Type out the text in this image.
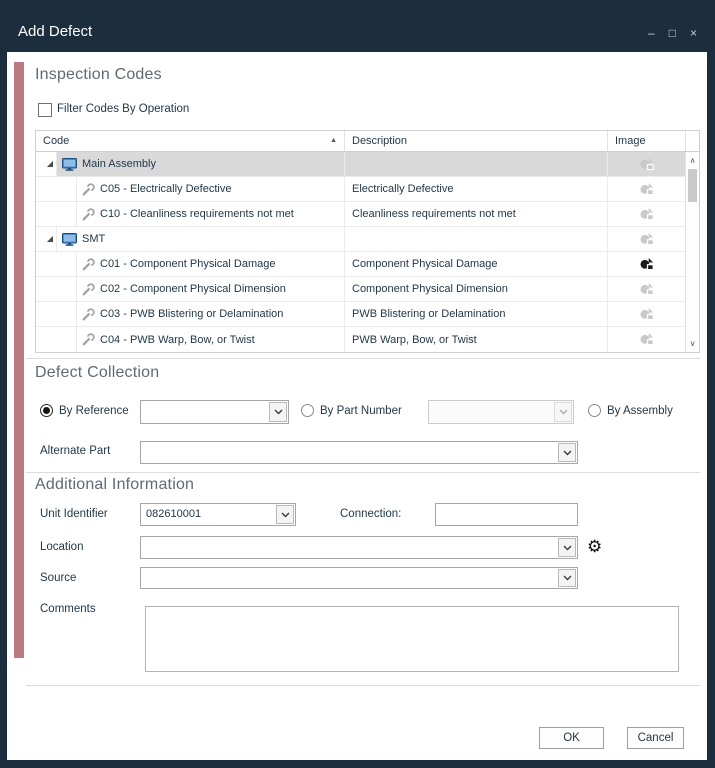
Add Defect	– □ ×
Inspection Codes
Filter Codes By Operation
Code	▲	Description	Image
◢	Main Assembly
C05 - Electrically Defective	Electrically Defective
C10 - Cleanliness requirements not met	Cleanliness requirements not met
◢	SMT
C01 - Component Physical Damage	Component Physical Damage
C02 - Component Physical Dimension	Component Physical Dimension
C03 - PWB Blistering or Delamination	PWB Blistering or Delamination
C04 - PWB Warp, Bow, or Twist	PWB Warp, Bow, or Twist
∧
∨
Defect Collection
By Reference	By Part Number	By Assembly
Alternate Part
Additional Information
Unit Identifier	082610001	Connection:
Location	⚙
Source
Comments
OK	Cancel
